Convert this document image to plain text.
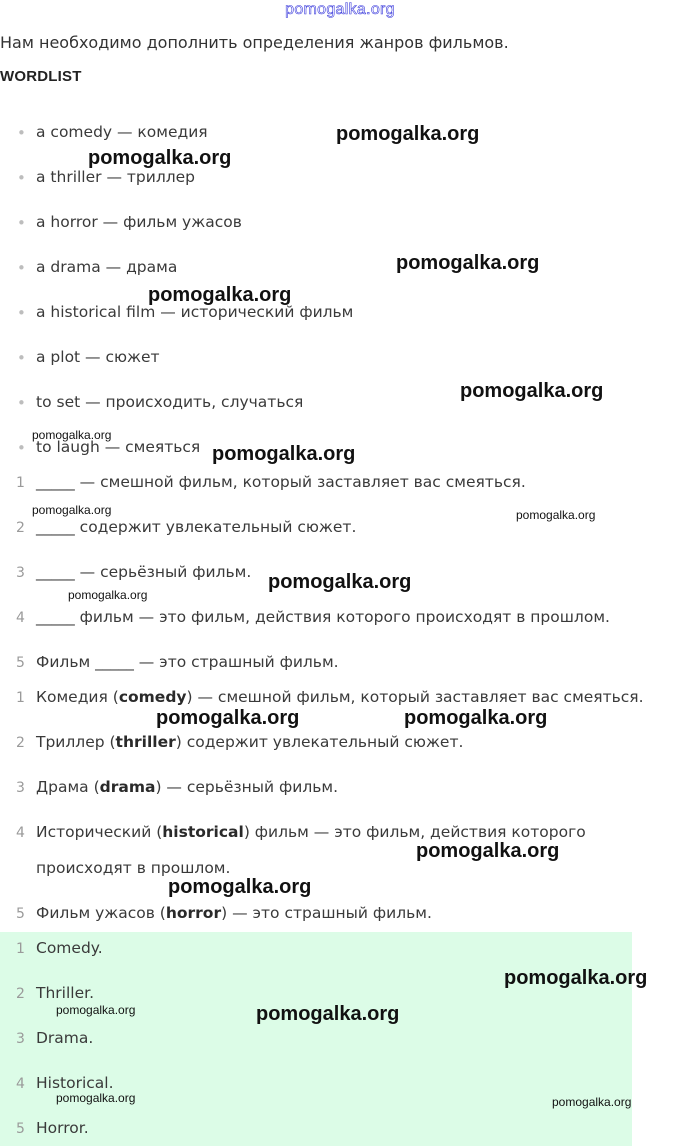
pomogalka.org
Нам необходимо дополнить определения жанров фильмов.
WORDLIST
• a comedy — комедия
• a thriller — триллер
• a horror — фильм ужасов
• a drama — драма
• a historical film — исторический фильм
• a plot — сюжет
• to set — происходить, случаться
• to laugh — смеяться
1 _____ — смешной фильм, который заставляет вас смеяться.
2 _____ содержит увлекательный сюжет.
3 _____ — серьёзный фильм.
4 _____ фильм — это фильм, действия которого происходят в прошлом.
5 Фильм _____ — это страшный фильм.
1 Комедия (comedy) — смешной фильм, который заставляет вас смеяться.
2 Триллер (thriller) содержит увлекательный сюжет.
3 Драма (drama) — серьёзный фильм.
4 Исторический (historical) фильм — это фильм, действия которого
происходят в прошлом.
5 Фильм ужасов (horror) — это страшный фильм.
1 Comedy.
2 Thriller.
3 Drama.
4 Historical.
5 Horror.
pomogalka.org
pomogalka.org
pomogalka.org
pomogalka.org
pomogalka.org
pomogalka.org
pomogalka.org
pomogalka.org	pomogalka.org
pomogalka.org
pomogalka.org
pomogalka.org	pomogalka.org
pomogalka.org
pomogalka.org
pomogalka.org
pomogalka.org	pomogalka.org
pomogalka.org	pomogalka.org
